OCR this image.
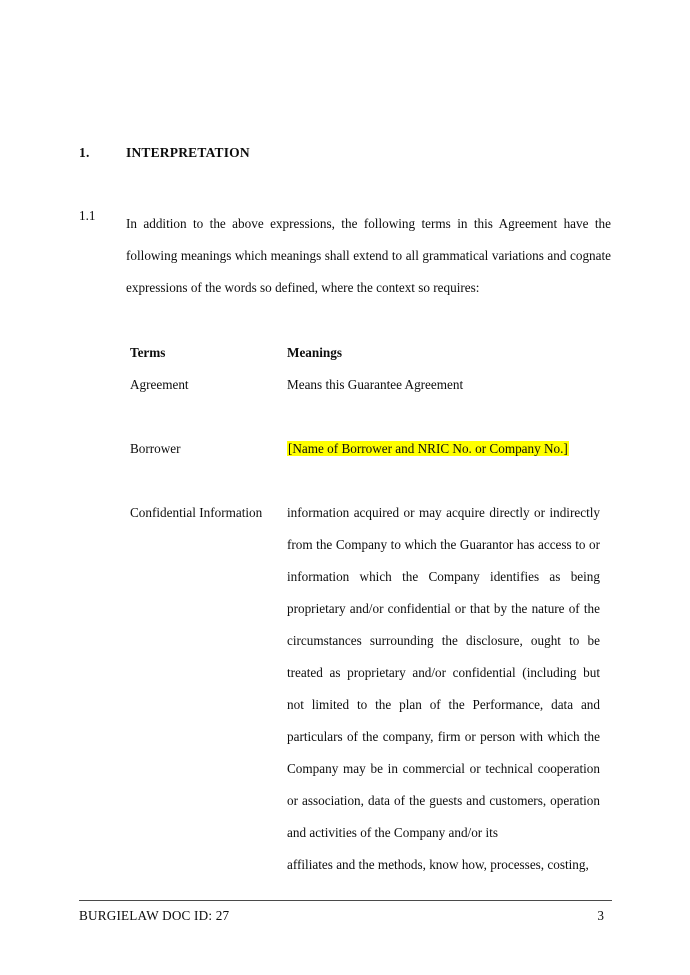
1.	INTERPRETATION
1.1

In addition to the above expressions, the following terms in this Agreement have the following meanings which meanings shall extend to all grammatical variations and cognate expressions of the words so defined, where the context so requires:

Terms	Meanings
Agreement	Means this Guarantee Agreement
Borrower	[Name of Borrower and NRIC No. or Company No.]
Confidential Information	information acquired or may acquire directly or indirectly from the Company to which the Guarantor has access to or information which the Company identifies as being proprietary and/or confidential or that by the nature of the circumstances surrounding the disclosure, ought to be treated as proprietary and/or confidential (including but not limited to the plan of the Performance, data and particulars of the company, firm or person with which the Company may be in commercial or technical cooperation or association, data of the guests and customers, operation and activities of the Company and/or its
affiliates and the methods, know how, processes, costing,
BURGIELAW DOC ID: 27	3
